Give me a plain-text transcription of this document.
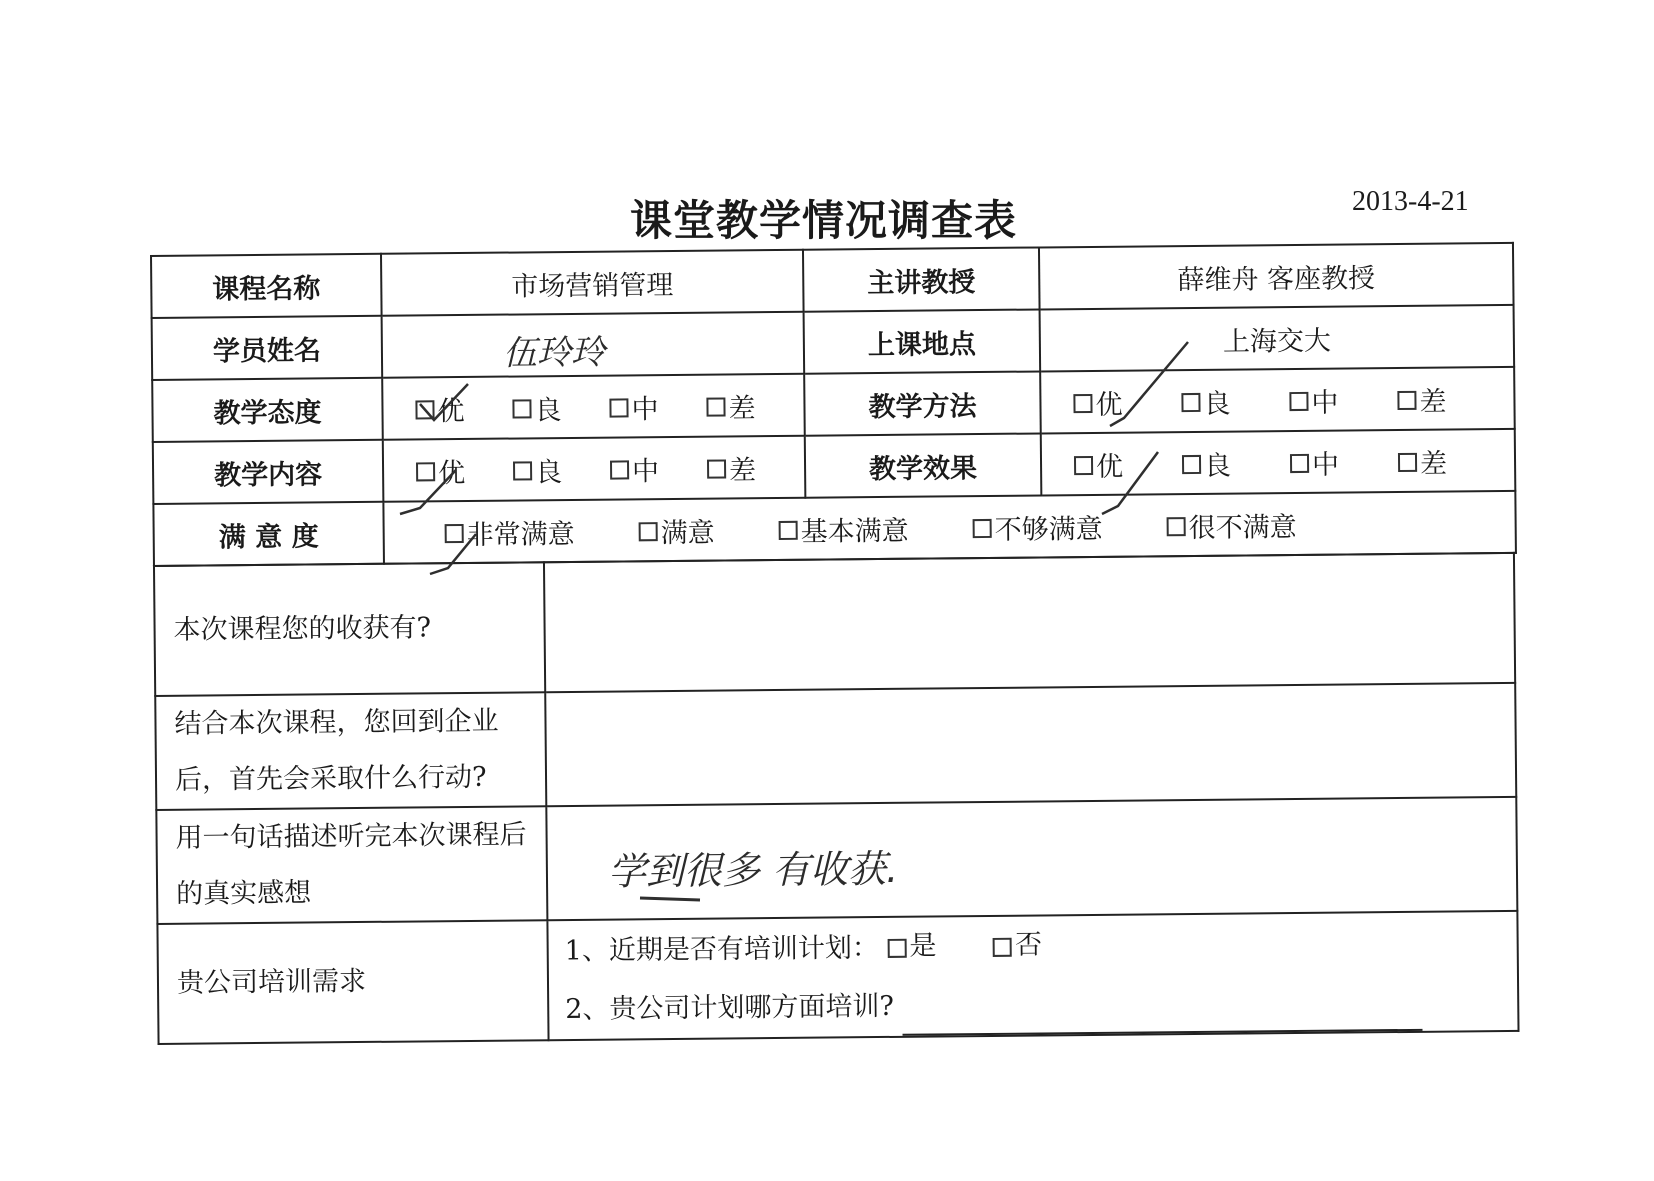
课堂教学情况调查表	2013-4-21
课程名称	市场营销管理	主讲教授	薛维舟 客座教授
学员姓名	伍玲玲	上课地点	上海交大
教学态度	优 良 中 差	教学方法	优 良 中 差

教学内容	优 良 中 差	教学效果	优 良 中 差

满 意 度	非常满意 满意 基本满意 不够满意 很不满意		
本次课程您的收获有?	
结合本次课程，您回到企业后，首先会采取什么行动?	
用一句话描述听完本次课程后的真实感想	学到很多 有收获.

贵公司培训需求	1、近期是否有培训计划： 是
否
2、贵公司计划哪方面培训?
